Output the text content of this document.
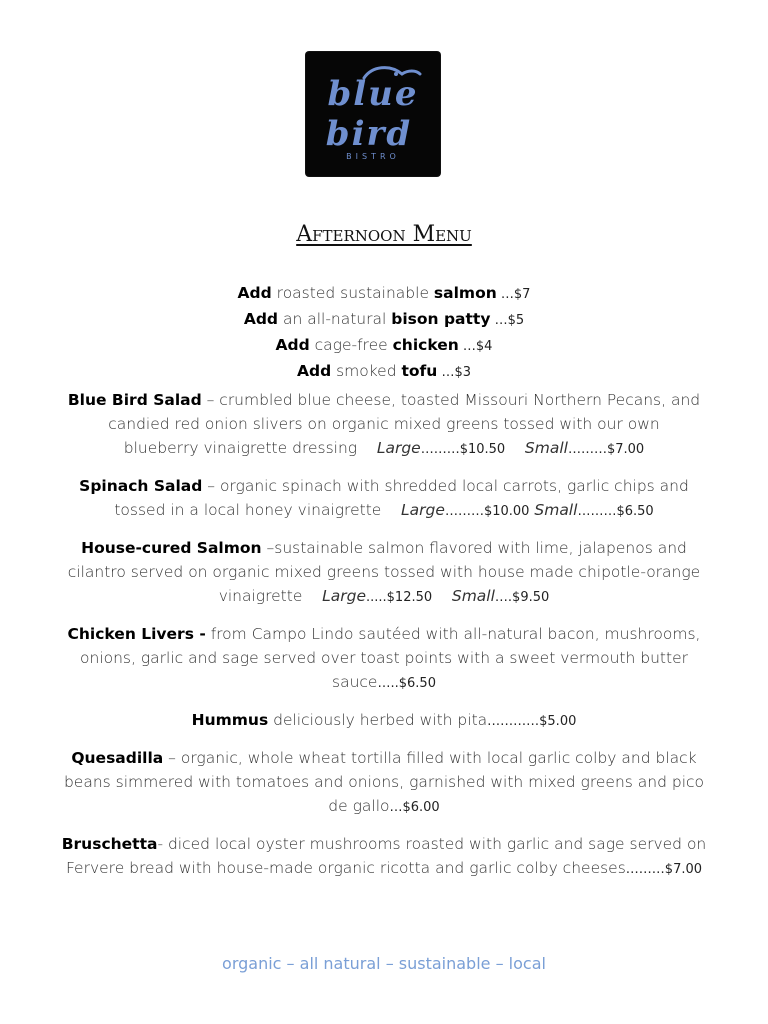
blue
bird
BISTRO
Afternoon Menu
Add roasted sustainable salmon …$7
Add an all-natural bison patty …$5
Add cage-free chicken …$4
Add smoked tofu …$3
Blue Bird Salad – crumbled blue cheese, toasted Missouri Northern Pecans, and candied red onion slivers on organic mixed greens tossed with our own
blueberry vinaigrette dressing Large………$10.50 Small………$7.00
Spinach Salad – organic spinach with shredded local carrots, garlic chips and tossed in a local honey vinaigrette Large………$10.00 Small………$6.50
House-cured Salmon –sustainable salmon flavored with lime, jalapenos and cilantro served on organic mixed greens tossed with house made chipotle-orange vinaigrette Large.....$12.50 Small….$9.50
Chicken Livers - from Campo Lindo sautéed with all-natural bacon, mushrooms, onions, garlic and sage served over toast points with a sweet vermouth butter sauce…..$6.50
Hummus deliciously herbed with pita…………$5.00
Quesadilla – organic, whole wheat tortilla filled with local garlic colby and black beans simmered with tomatoes and onions, garnished with mixed greens and pico de gallo…$6.00
Bruschetta- diced local oyster mushrooms roasted with garlic and sage served on Fervere bread with house-made organic ricotta and garlic colby cheeses………$7.00
organic – all natural – sustainable – local
